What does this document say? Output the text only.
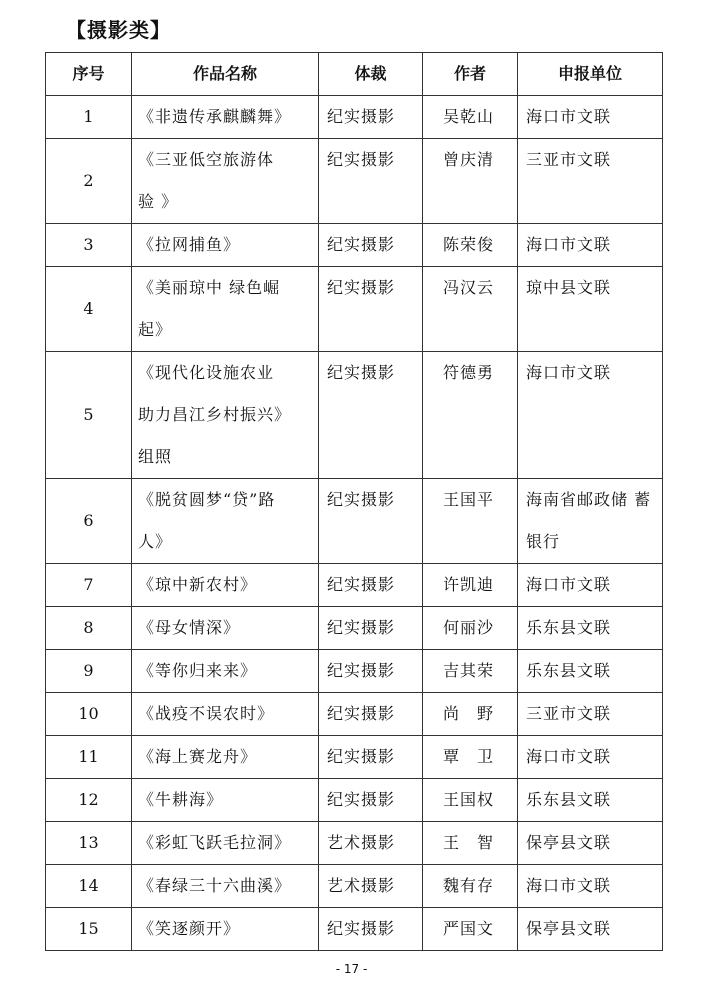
【摄影类】
序号	作品名称	体裁	作者	申报单位
1	《非遗传承麒麟舞》	纪实摄影	吴乾山	海口市文联
2	《三亚低空旅游体
验 》	纪实摄影	曾庆清	三亚市文联
3	《拉网捕鱼》	纪实摄影	陈荣俊	海口市文联
4	《美丽琼中 绿色崛
起》	纪实摄影	冯汉云	琼中县文联
5	《现代化设施农业
助力昌江乡村振兴》
组照	纪实摄影	符德勇	海口市文联
6	《脱贫圆梦“贷”路
人》	纪实摄影	王国平	海南省邮政储 蓄银行
7	《琼中新农村》	纪实摄影	许凯迪	海口市文联
8	《母女情深》	纪实摄影	何丽沙	乐东县文联
9	《等你归来来》	纪实摄影	吉其荣	乐东县文联
10	《战疫不误农时》	纪实摄影	尚　野	三亚市文联
11	《海上赛龙舟》	纪实摄影	覃　卫	海口市文联
12	《牛耕海》	纪实摄影	王国权	乐东县文联
13	《彩虹飞跃毛拉洞》	艺术摄影	王　智	保亭县文联
14	《春绿三十六曲溪》	艺术摄影	魏有存	海口市文联
15	《笑逐颜开》	纪实摄影	严国文	保亭县文联
- 17 -
